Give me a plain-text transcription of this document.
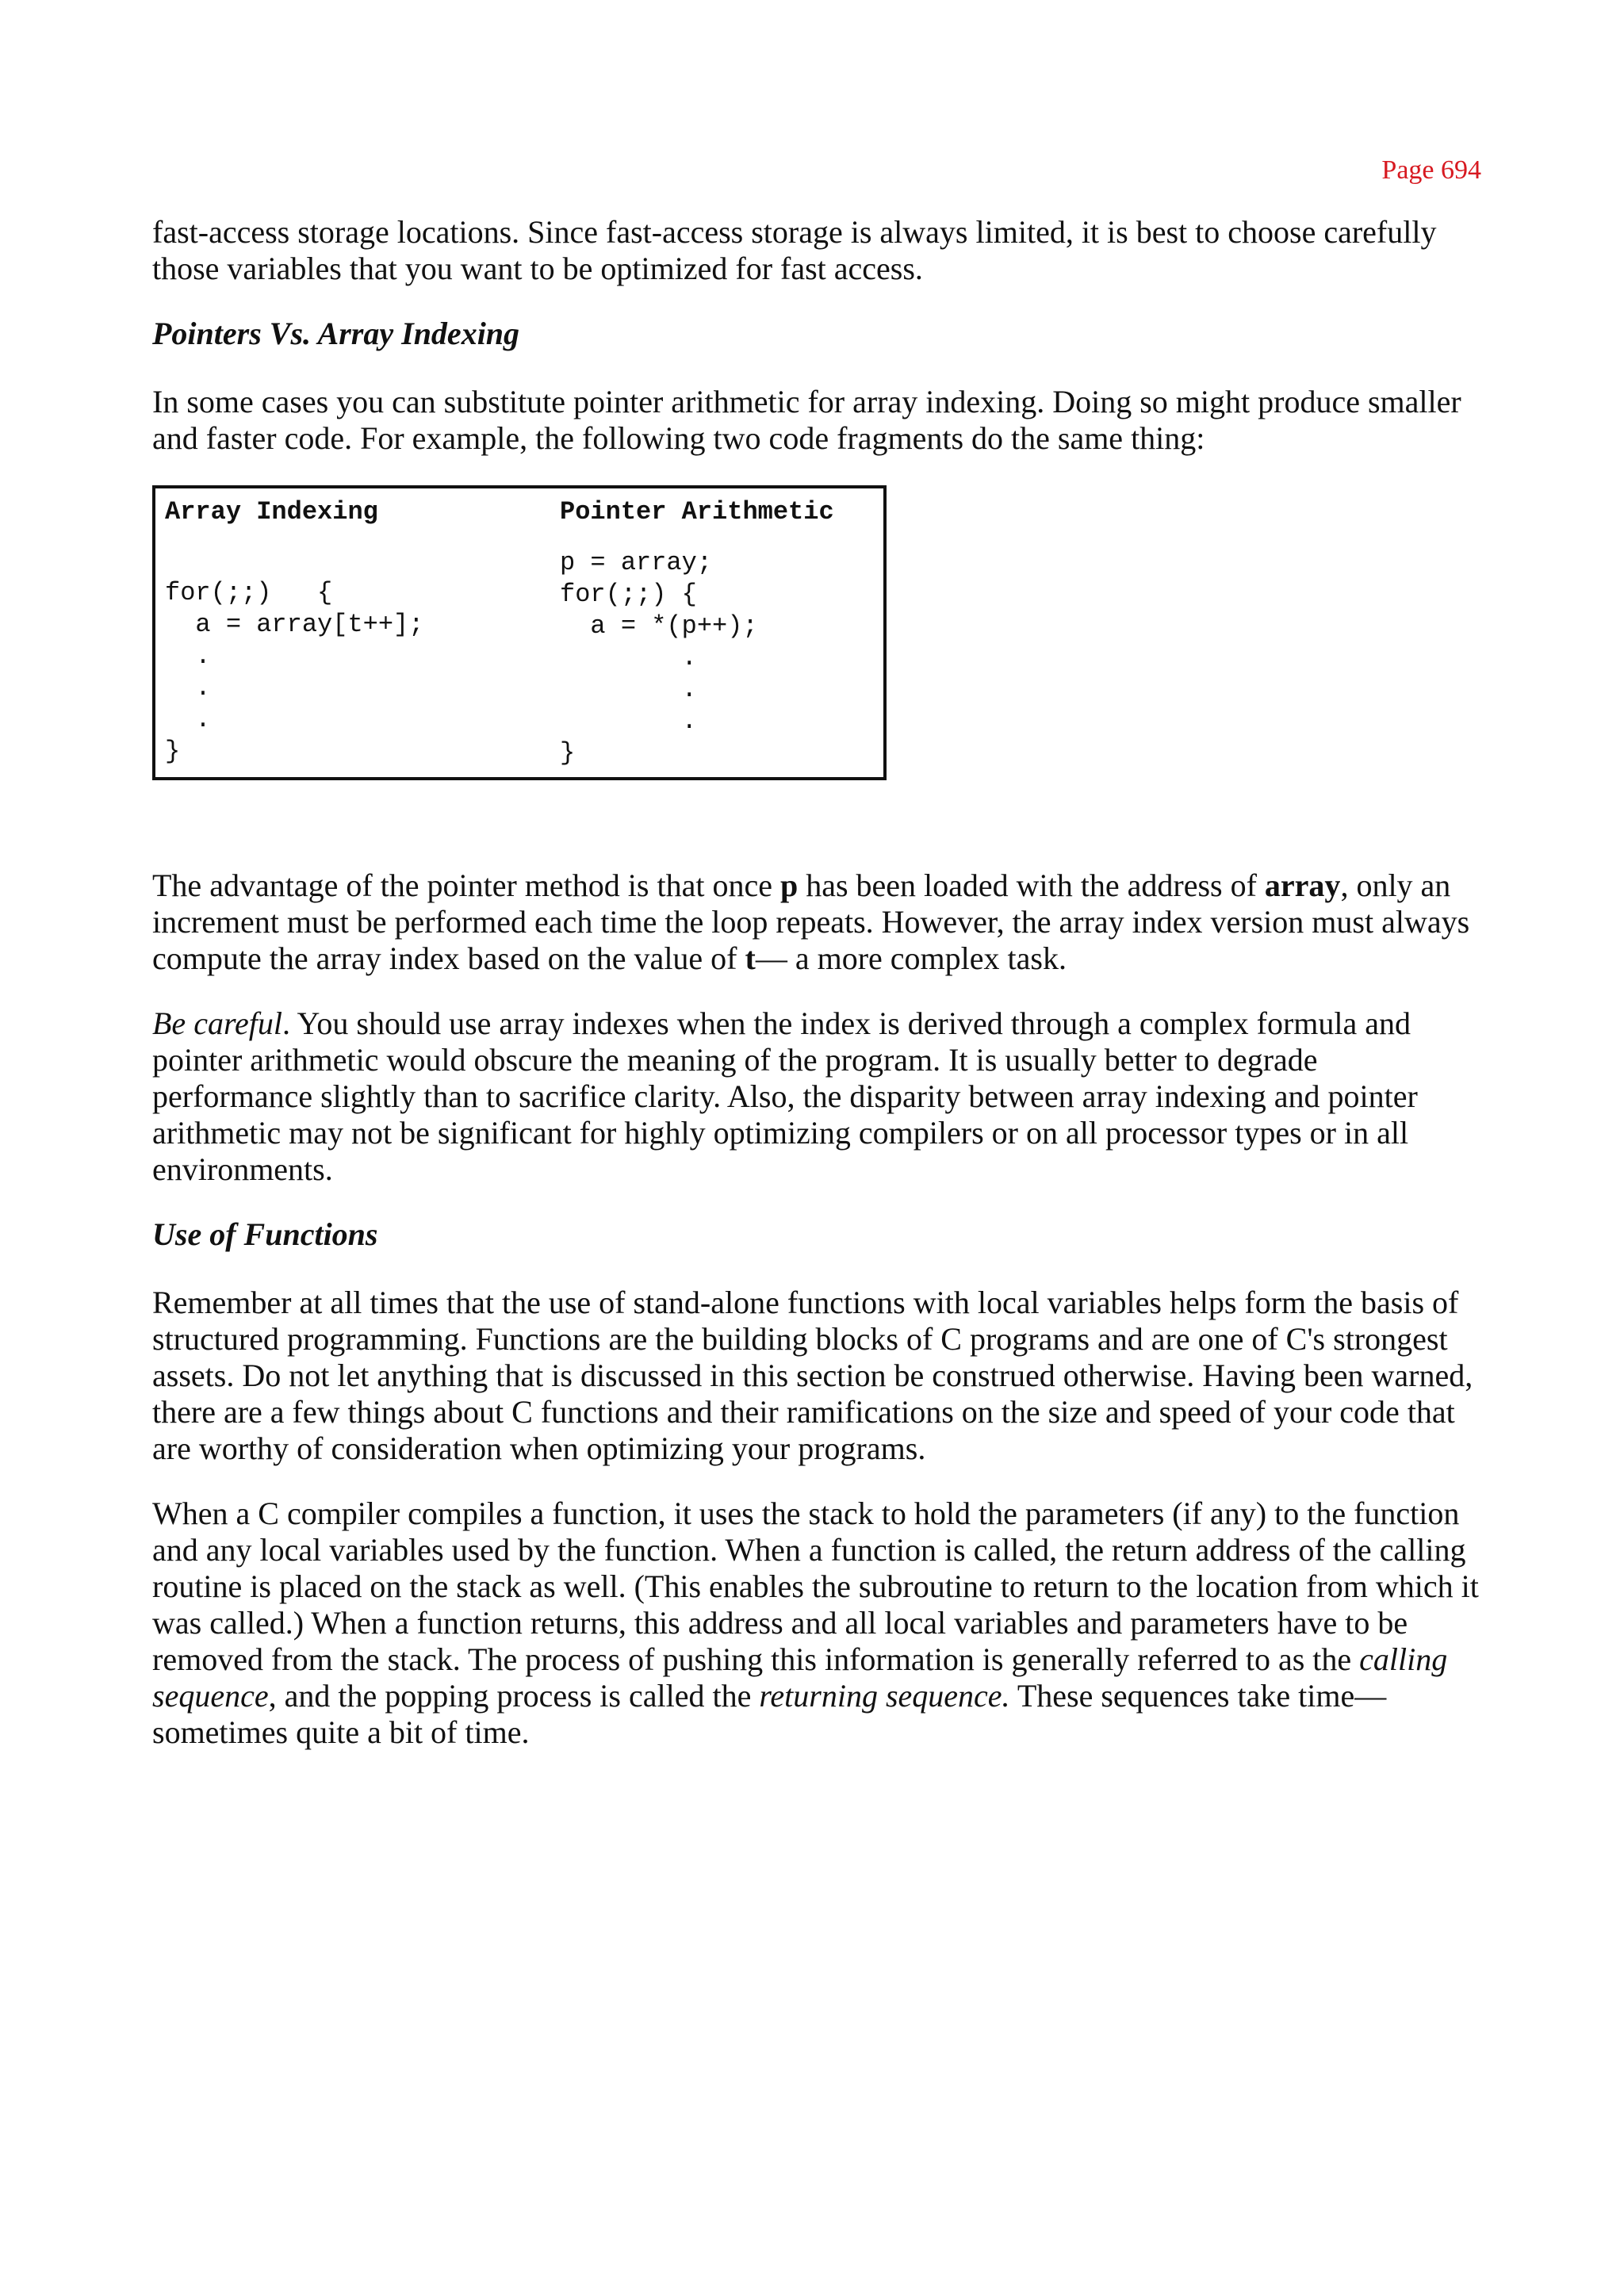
Page 694

fast-access storage locations. Since fast-access storage is always limited, it is best to choose carefully those variables that you want to be optimized for fast access.

Pointers Vs. Array Indexing

In some cases you can substitute pointer arithmetic for array indexing. Doing so might produce smaller and faster code. For example, the following two code fragments do the same thing:

Array Indexing
for(;;)   {
a = array[t++];
.
.
.
}
Pointer Arithmetic
p = array;
for(;;) {
a = *(p++);
.
.
.
}

The advantage of the pointer method is that once p has been loaded with the address of array, only an increment must be performed each time the loop repeats. However, the array index version must always compute the array index based on the value of t— a more complex task.

Be careful. You should use array indexes when the index is derived through a complex formula and pointer arithmetic would obscure the meaning of the program. It is usually better to degrade performance slightly than to sacrifice clarity. Also, the disparity between array indexing and pointer arithmetic may not be significant for highly optimizing compilers or on all processor types or in all environments.

Use of Functions

Remember at all times that the use of stand-alone functions with local variables helps form the basis of structured programming. Functions are the building blocks of C programs and are one of C's strongest assets. Do not let anything that is discussed in this section be construed otherwise. Having been warned, there are a few things about C functions and their ramifications on the size and speed of your code that are worthy of consideration when optimizing your programs.

When a C compiler compiles a function, it uses the stack to hold the parameters (if any) to the function and any local variables used by the function. When a function is called, the return address of the calling routine is placed on the stack as well. (This enables the subroutine to return to the location from which it was called.) When a function returns, this address and all local variables and parameters have to be removed from the stack. The process of pushing this information is generally referred to as the calling sequence, and the popping process is called the returning sequence. These sequences take time— sometimes quite a bit of time.
